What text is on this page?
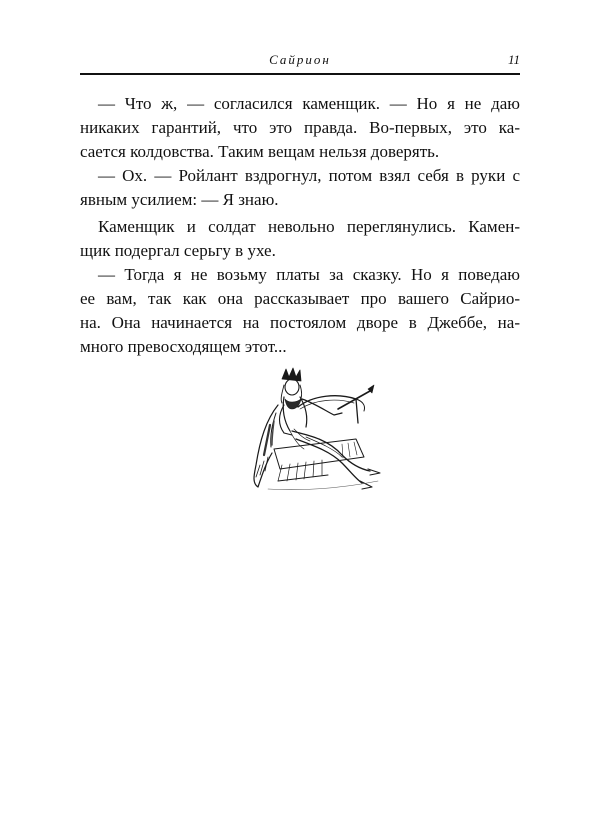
Сайрион	11
— Что ж, — согласился каменщик. — Но я не даю
никаких гарантий, что это правда. Во-первых, это ка-
сается колдовства. Таким вещам нельзя доверять.
— Ох. — Ройлант вздрогнул, потом взял себя в руки с
явным усилием: — Я знаю.
Каменщик и солдат невольно переглянулись. Камен-
щик подергал серьгу в ухе.
— Тогда я не возьму платы за сказку. Но я поведаю
ее вам, так как она рассказывает про вашего Сайрио-
на. Она начинается на постоялом дворе в Джеббе, на-
много превосходящем этот...
